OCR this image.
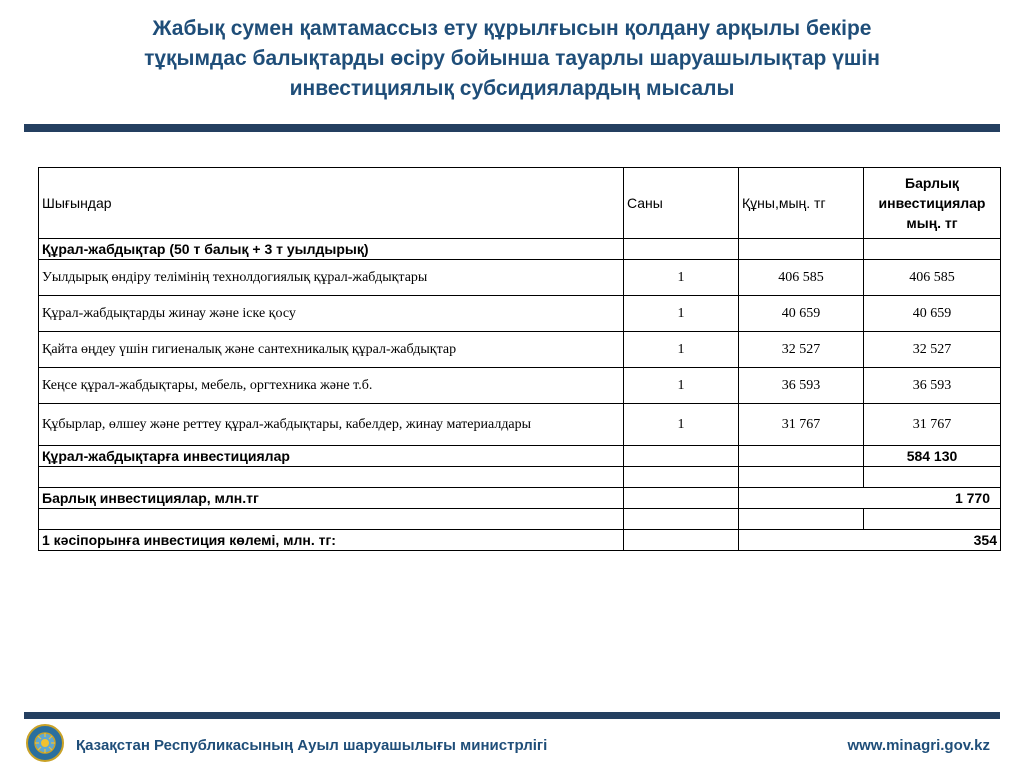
Жабық сумен қамтамассыз ету құрылғысын қолдану арқылы бекіре
тұқымдас балықтарды өсіру бойынша тауарлы шаруашылықтар үшін
инвестициялық субсидиялардың мысалы
Шығындар	Саны	Құны,мың. тг	Барлық
инвестициялар
мың. тг

Құрал-жабдықтар (50 т балық + 3 т уылдырық)			
Уылдырық өндіру телімінің технолдогиялық құрал-жабдықтары	1	406 585	406 585
Құрал-жабдықтарды жинау және іске қосу	1	40 659	40 659
Қайта өңдеу үшін гигиеналық және сантехникалық құрал-жабдықтар	1	32 527	32 527
Кеңсе құрал-жабдықтары, мебель, оргтехника және т.б.	1	36 593	36 593
Құбырлар, өлшеу және реттеу құрал-жабдықтары, кабелдер, жинау материалдары	1	31 767	31 767
Құрал-жабдықтарға инвестициялар			584 130

Барлық инвестициялар, млн.тг		1 770	

1 кәсіпорынға инвестиция көлемі, млн. тг:		354	
Қазақстан Республикасының Ауыл шаруашылығы министрлігі	www.minagri.gov.kz
